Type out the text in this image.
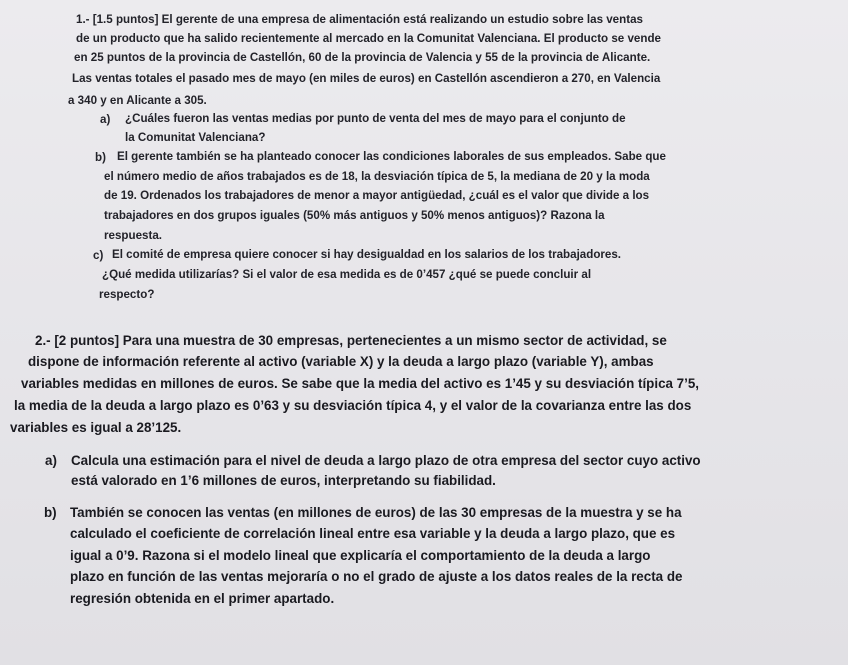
1.- [1.5 puntos] El gerente de una empresa de alimentación está realizando un estudio sobre las ventas

de un producto que ha salido recientemente al mercado en la Comunitat Valenciana. El producto se vende

en 25 puntos de la provincia de Castellón, 60 de la provincia de Valencia y 55 de la provincia de Alicante.

Las ventas totales el pasado mes de mayo (en miles de euros) en Castellón ascendieron a 270, en Valencia

a 340 y en Alicante a 305.

a) ¿Cuáles fueron las ventas medias por punto de venta del mes de mayo para el conjunto de

la Comunitat Valenciana?

b) El gerente también se ha planteado conocer las condiciones laborales de sus empleados. Sabe que

el número medio de años trabajados es de 18, la desviación típica de 5, la mediana de 20 y la moda

de 19. Ordenados los trabajadores de menor a mayor antigüedad, ¿cuál es el valor que divide a los

trabajadores en dos grupos iguales (50% más antiguos y 50% menos antiguos)? Razona la

respuesta.

c) El comité de empresa quiere conocer si hay desigualdad en los salarios de los trabajadores.

¿Qué medida utilizarías? Si el valor de esa medida es de 0’457 ¿qué se puede concluir al

respecto?

2.- [2 puntos] Para una muestra de 30 empresas, pertenecientes a un mismo sector de actividad, se

dispone de información referente al activo (variable X) y la deuda a largo plazo (variable Y), ambas

variables medidas en millones de euros. Se sabe que la media del activo es 1’45 y su desviación típica 7’5,

la media de la deuda a largo plazo es 0’63 y su desviación típica 4, y el valor de la covarianza entre las dos

variables es igual a 28’125.

a) Calcula una estimación para el nivel de deuda a largo plazo de otra empresa del sector cuyo activo

está valorado en 1’6 millones de euros, interpretando su fiabilidad.

b) También se conocen las ventas (en millones de euros) de las 30 empresas de la muestra y se ha

calculado el coeficiente de correlación lineal entre esa variable y la deuda a largo plazo, que es

igual a 0’9. Razona si el modelo lineal que explicaría el comportamiento de la deuda a largo

plazo en función de las ventas mejoraría o no el grado de ajuste a los datos reales de la recta de

regresión obtenida en el primer apartado.
